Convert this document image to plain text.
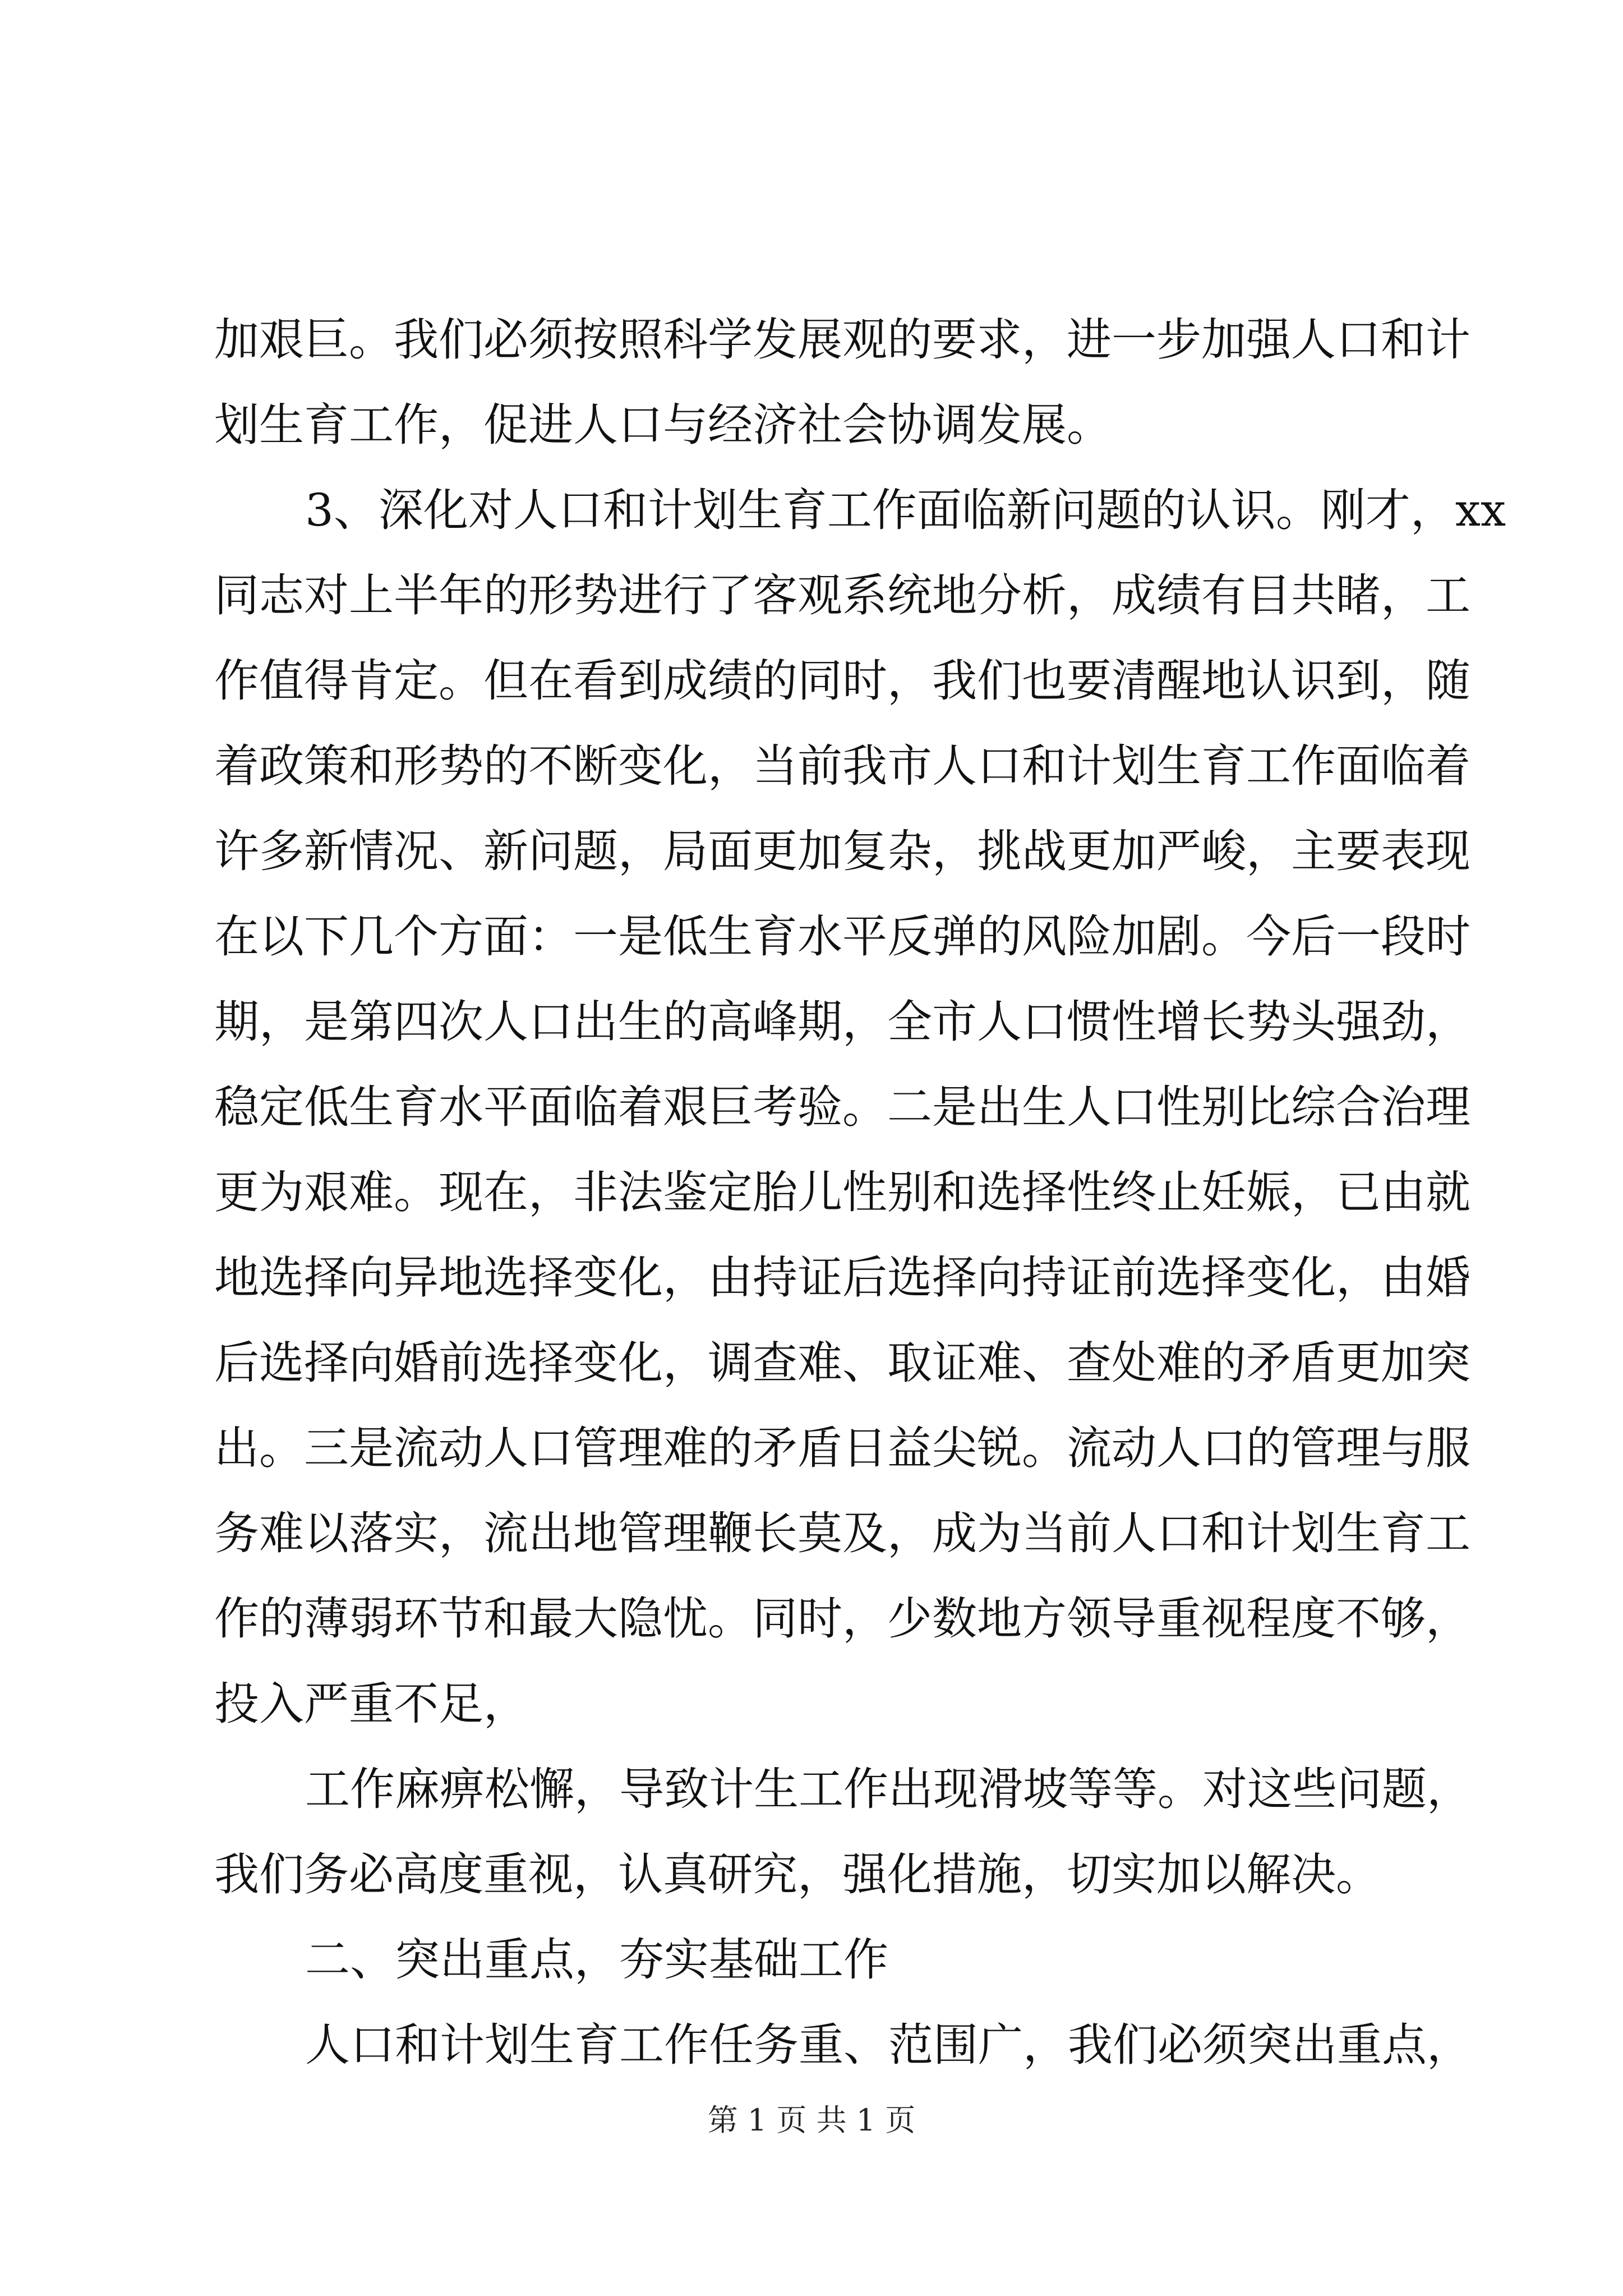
加艰巨。我们必须按照科学发展观的要求，进一步加强人口和计
划生育工作，促进人口与经济社会协调发展。
3、深化对人口和计划生育工作面临新问题的认识。刚才，xx
同志对上半年的形势进行了客观系统地分析，成绩有目共睹，工
作值得肯定。但在看到成绩的同时，我们也要清醒地认识到，随
着政策和形势的不断变化，当前我市人口和计划生育工作面临着
许多新情况、新问题，局面更加复杂，挑战更加严峻，主要表现
在以下几个方面：一是低生育水平反弹的风险加剧。今后一段时
期，是第四次人口出生的高峰期，全市人口惯性增长势头强劲，
稳定低生育水平面临着艰巨考验。二是出生人口性别比综合治理
更为艰难。现在，非法鉴定胎儿性别和选择性终止妊娠，已由就
地选择向异地选择变化，由持证后选择向持证前选择变化，由婚
后选择向婚前选择变化，调查难、取证难、查处难的矛盾更加突
出。三是流动人口管理难的矛盾日益尖锐。流动人口的管理与服
务难以落实，流出地管理鞭长莫及，成为当前人口和计划生育工
作的薄弱环节和最大隐忧。同时，少数地方领导重视程度不够，
投入严重不足，
工作麻痹松懈，导致计生工作出现滑坡等等。对这些问题，
我们务必高度重视，认真研究，强化措施，切实加以解决。
二、突出重点，夯实基础工作
人口和计划生育工作任务重、范围广，我们必须突出重点，
第 1 页 共 1 页
